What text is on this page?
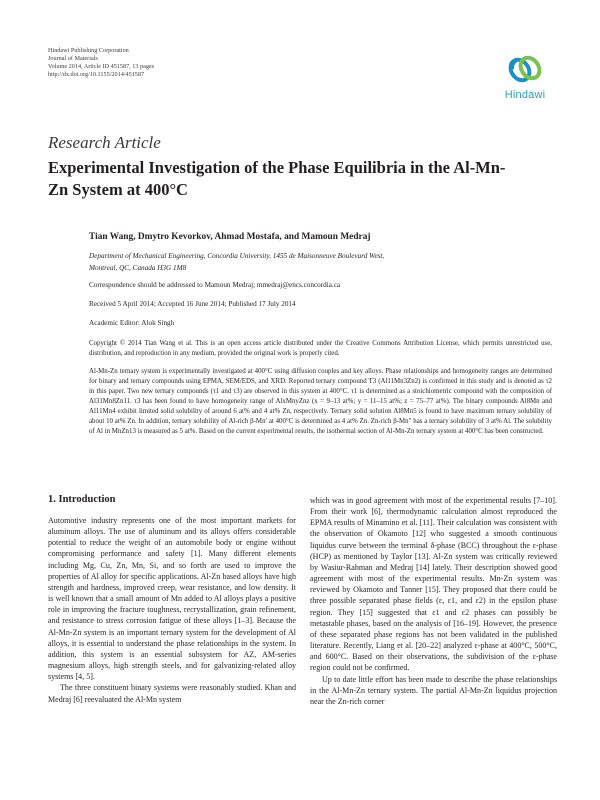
Hindawi Publishing Corporation
Journal of Materials
Volume 2014, Article ID 451587, 13 pages
http://dx.doi.org/10.1155/2014/451587
Hindawi
Research Article
Experimental Investigation of the Phase Equilibria in the Al-Mn-Zn System at 400°C
Tian Wang, Dmytro Kevorkov, Ahmad Mostafa, and Mamoun Medraj
Department of Mechanical Engineering, Concordia University, 1455 de Maisonneuve Boulevard West,
Montreal, QC, Canada H3G 1M8
Correspondence should be addressed to Mamoun Medraj; mmedraj@encs.concordia.ca
Received 5 April 2014; Accepted 16 June 2014; Published 17 July 2014
Academic Editor: Alok Singh
Copyright © 2014 Tian Wang et al. This is an open access article distributed under the Creative Commons Attribution License, which permits unrestricted use, distribution, and reproduction in any medium, provided the original work is properly cited.
Al-Mn-Zn ternary system is experimentally investigated at 400°C using diffusion couples and key alloys. Phase relationships and homogeneity ranges are determined for binary and ternary compounds using EPMA, SEM/EDS, and XRD. Reported ternary compound T3 (Al11Mn3Zn2) is confirmed in this study and is denoted as τ2 in this paper. Two new ternary compounds (τ1 and τ3) are observed in this system at 400°C. τ1 is determined as a stoichiometric compound with the composition of Al31Mn8Zn11. τ3 has been found to have homogeneity range of AlxMnyZnz (x = 9–13 at%; y = 11–15 at%; z = 75–77 at%). The binary compounds Al8Mn and Al11Mn4 exhibit limited solid solubility of around 6 at% and 4 at% Zn, respectively. Ternary solid solution Al8Mn5 is found to have maximum ternary solubility of about 10 at% Zn. In addition, ternary solubility of Al-rich β-Mn′ at 400°C is determined as 4 at% Zn. Zn-rich β-Mn″ has a ternary solubility of 3 at% Al. The solubility of Al in MnZn13 is measured as 5 at%. Based on the current experimental results, the isothermal section of Al-Mn-Zn ternary system at 400°C has been constructed.
1. Introduction

Automotive industry represents one of the most important markets for aluminum alloys. The use of aluminum and its alloys offers considerable potential to reduce the weight of an automobile body or engine without compromising performance and safety [1]. Many different elements including Mg, Cu, Zn, Mn, Si, and so forth are used to improve the properties of Al alloy for specific applications. Al-Zn based alloys have high strength and hardness, improved creep, wear resistance, and low density. It is well known that a small amount of Mn added to Al alloys plays a positive role in improving the fracture toughness, recrystallization, grain refinement, and resistance to stress corrosion fatigue of these alloys [1–3]. Because the Al-Mn-Zn system is an important ternary system for the development of Al alloys, it is essential to understand the phase relationships in the system. In addition, this system is an essential subsystem for AZ, AM-series magnesium alloys, high strength steels, and for galvanizing-related alloy systems [4, 5].

The three constituent binary systems were reasonably studied. Khan and Medraj [6] reevaluated the Al-Mn system

which was in good agreement with most of the experimental results [7–10]. From their work [6], thermodynamic calculation almost reproduced the EPMA results of Minamino et al. [11]. Their calculation was consistent with the observation of Okamoto [12] who suggested a smooth continuous liquidus curve between the terminal δ-phase (BCC) throughout the ε-phase (HCP) as mentioned by Taylor [13]. Al-Zn system was critically reviewed by Wasiur-Rahman and Medraj [14] lately. Their description showed good agreement with most of the experimental results. Mn-Zn system was reviewed by Okamoto and Tanner [15]. They proposed that there could be three possible separated phase fields (ε, ε1, and ε2) in the epsilon phase region. They [15] suggested that ε1 and ε2 phases can possibly be metastable phases, based on the analysis of [16–19]. However, the presence of these separated phase regions has not been validated in the published literature. Recently, Liang et al. [20–22] analyzed ε-phase at 400°C, 500°C, and 600°C. Based on their observations, the subdivision of the ε-phase region could not be confirmed.

Up to date little effort has been made to describe the phase relationships in the Al-Mn-Zn ternary system. The partial Al-Mn-Zn liquidus projection near the Zn-rich corner
